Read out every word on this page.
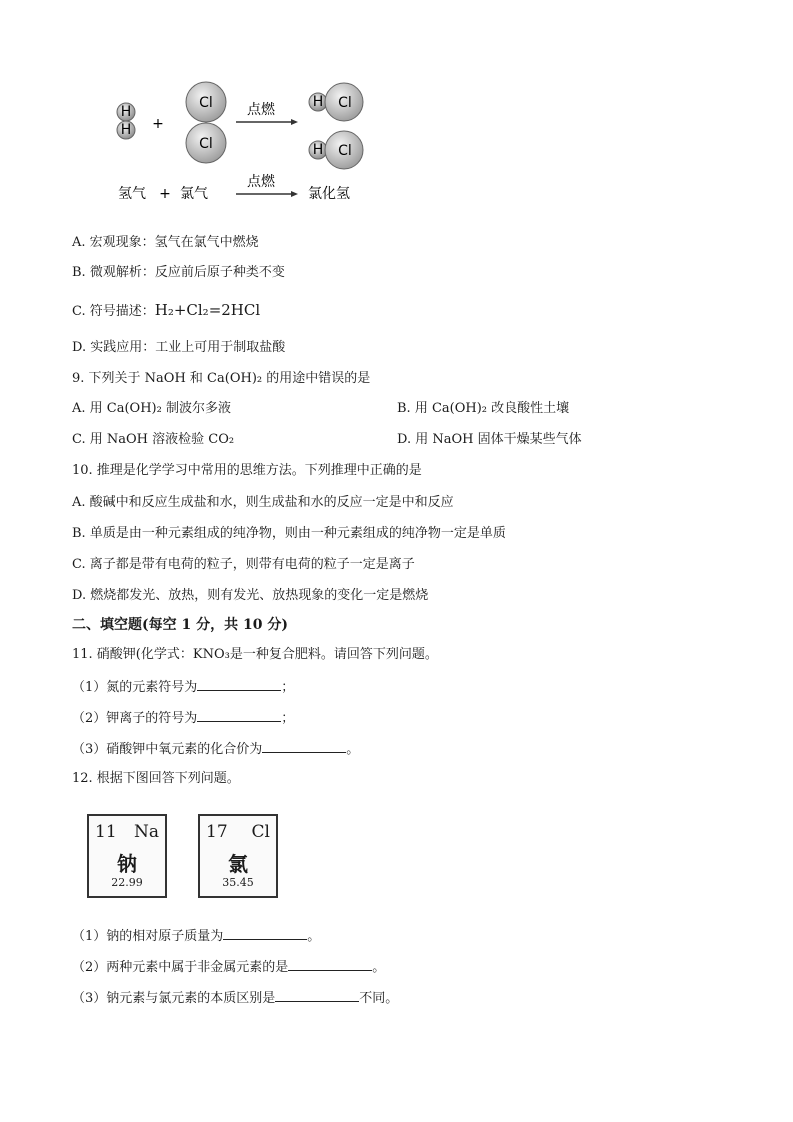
H
H +
Cl
Cl
点燃	H Cl
H Cl
氢气 + 氯气
点燃
氯化氢
A. 宏观现象：氢气在氯气中燃烧
B. 微观解析：反应前后原子种类不变
C. 符号描述：H₂+Cl₂=2HCl
D. 实践应用：工业上可用于制取盐酸
9. 下列关于 NaOH 和 Ca(OH)₂ 的用途中错误的是
A. 用 Ca(OH)₂ 制波尔多液	B. 用 Ca(OH)₂ 改良酸性土壤
C. 用 NaOH 溶液检验 CO₂	D. 用 NaOH 固体干燥某些气体
10. 推理是化学学习中常用的思维方法。下列推理中正确的是
A. 酸碱中和反应生成盐和水，则生成盐和水的反应一定是中和反应
B. 单质是由一种元素组成的纯净物，则由一种元素组成的纯净物一定是单质
C. 离子都是带有电荷的粒子，则带有电荷的粒子一定是离子
D. 燃烧都发光、放热，则有发光、放热现象的变化一定是燃烧
二、填空题(每空 1 分，共 10 分)
11. 硝酸钾(化学式：KNO₃是一种复合肥料。请回答下列问题。
（1）氮的元素符号为	；
（2）钾离子的符号为	；
（3）硝酸钾中氧元素的化合价为	。
12. 根据下图回答下列问题。
11 Na
钠
22.99
17 Cl
氯
35.45
（1）钠的相对原子质量为	。
（2）两种元素中属于非金属元素的是	。
（3）钠元素与氯元素的本质区别是	不同。
